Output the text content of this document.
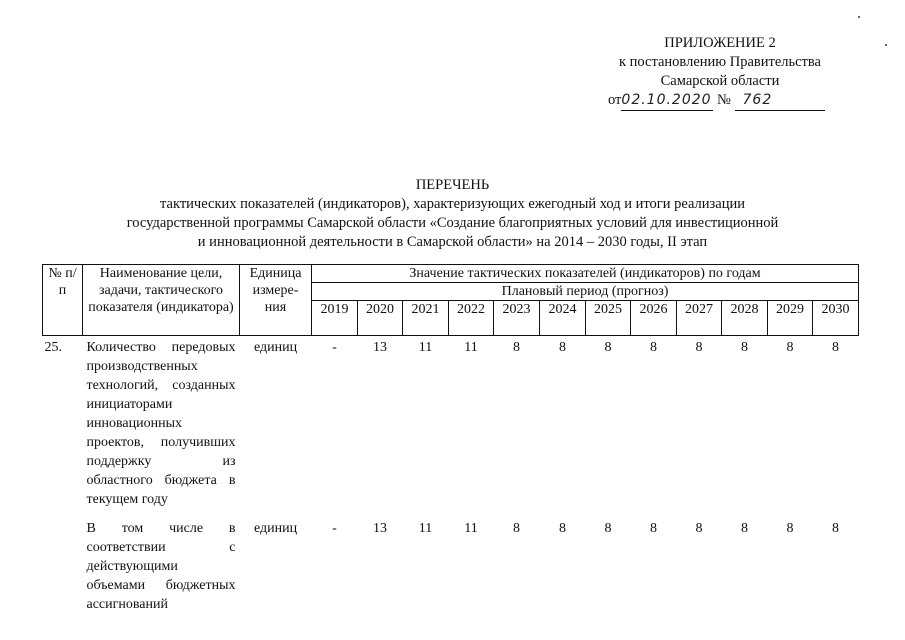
ПРИЛОЖЕНИЕ 2
к постановлению Правительства
Самарской области
от02.10.2020 № 762
ПЕРЕЧЕНЬ
тактических показателей (индикаторов), характеризующих ежегодный ход и итоги реализации
государственной программы Самарской области «Создание благоприятных условий для инвестиционной
и инновационной деятельности в Самарской области» на 2014 – 2030 годы, II этап
№ п/п	Наименование цели, задачи, тактического показателя (индикатора)	Единица измере-ния	Значение тактических показателей (индикаторов) по годам											
			Плановый период (прогноз)											
			2019	2020	2021	2022	2023	2024	2025	2026	2027	2028	2029	2030
25.	Количество передовых производственных технологий, созданных инициаторами инновационных проектов, получивших поддержку из областного бюджета в текущем году	единиц	-	13	11	11	8	8	8	8	8	8	8	8

	В том числе в соответствии с действующими объемами бюджетных ассигнований	единиц	-	13	11	11	8	8	8	8	8	8	8	8
